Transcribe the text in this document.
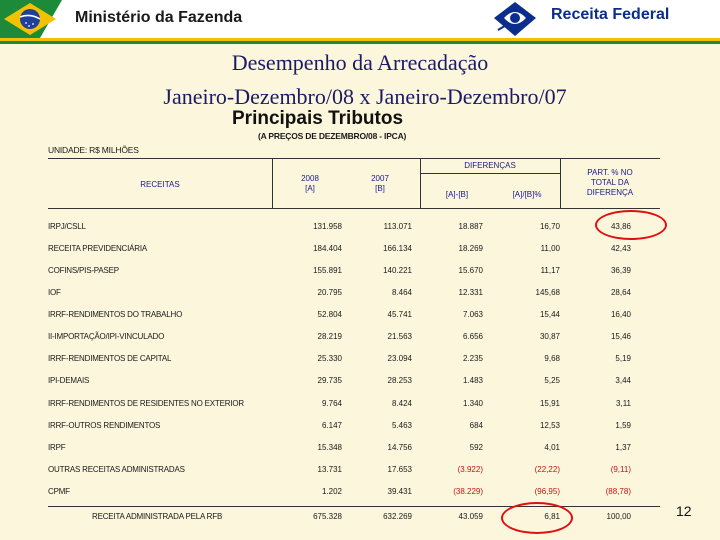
Ministério da Fazenda	Receita Federal
Desempenho da Arrecadação
Janeiro-Dezembro/08 x Janeiro-Dezembro/07
Principais Tributos
(A PREÇOS DE DEZEMBRO/08 - IPCA)
UNIDADE: R$ MILHÕES
RECEITAS
2008
[A]
2007
[B]
DIFERENÇAS
[A]-[B]	[A]/[B]%
PART. % NO
TOTAL DA
DIFERENÇA
IRPJ/CSLL	131.958	113.071	18.887	16,70	43,86
RECEITA PREVIDENCIÁRIA	184.404	166.134	18.269	11,00	42,43
COFINS/PIS-PASEP	155.891	140.221	15.670	11,17	36,39
IOF	20.795	8.464	12.331	145,68	28,64
IRRF-RENDIMENTOS DO TRABALHO	52.804	45.741	7.063	15,44	16,40
II-IMPORTAÇÃO/IPI-VINCULADO	28.219	21.563	6.656	30,87	15,46
IRRF-RENDIMENTOS DE CAPITAL	25.330	23.094	2.235	9,68	5,19
IPI-DEMAIS	29.735	28.253	1.483	5,25	3,44
IRRF-RENDIMENTOS DE RESIDENTES NO EXTERIOR	9.764	8.424	1.340	15,91	3,11
IRRF-OUTROS RENDIMENTOS	6.147	5.463	684	12,53	1,59
IRPF	15.348	14.756	592	4,01	1,37
OUTRAS RECEITAS ADMINISTRADAS	13.731	17.653	(3.922)	(22,22)	(9,11)
CPMF	1.202	39.431	(38.229)	(96,95)	(88,78)
RECEITA ADMINISTRADA PELA RFB	675.328	632.269	43.059	6,81	100,00	12
